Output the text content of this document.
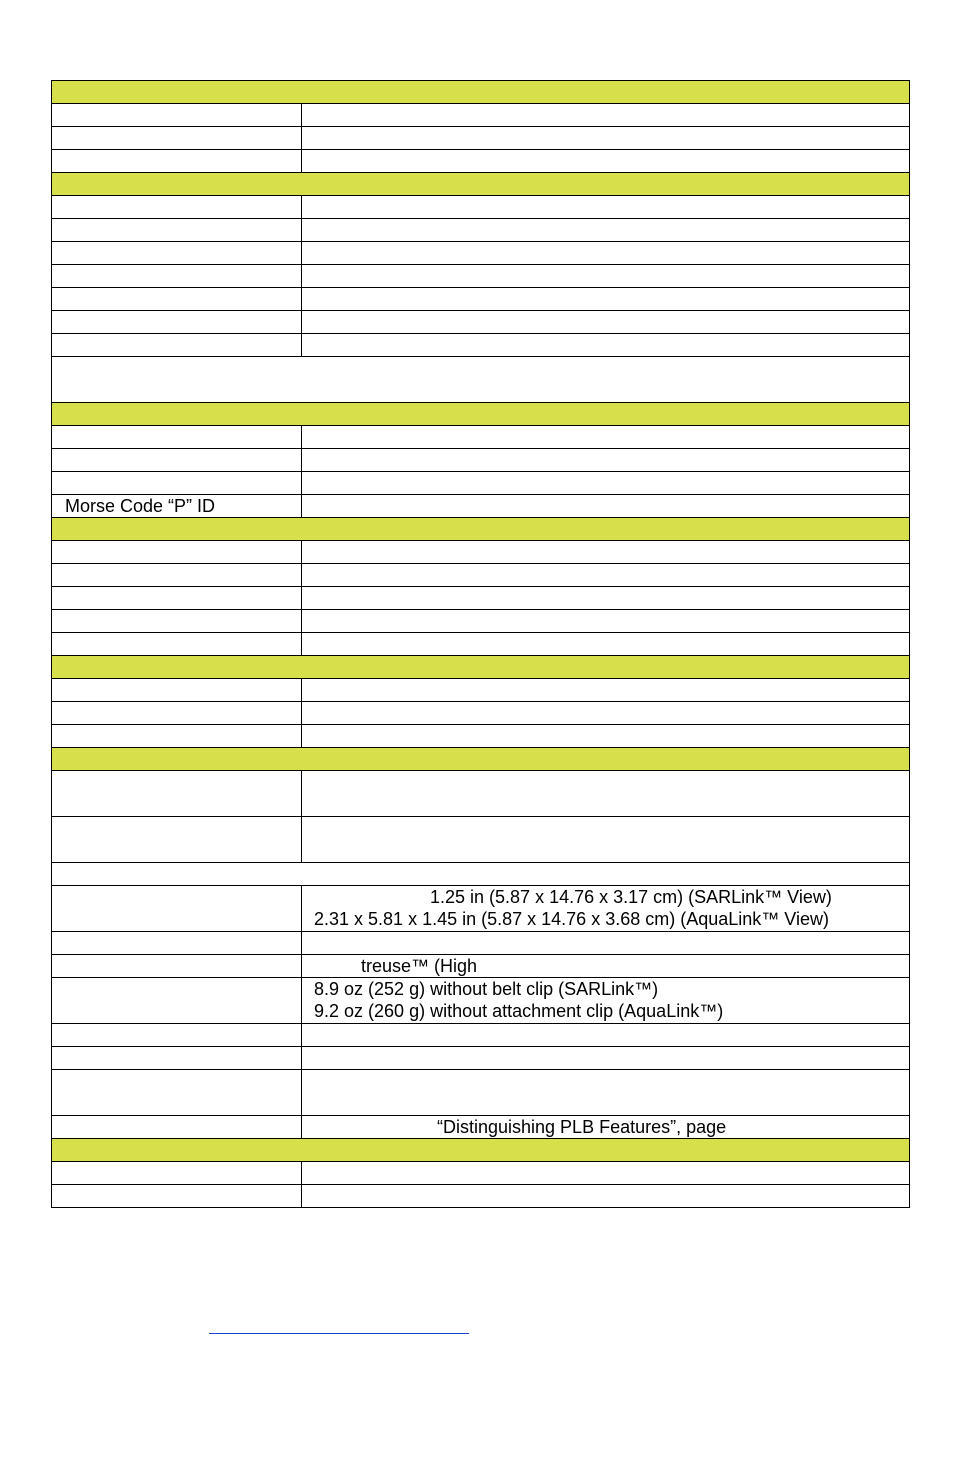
Morse Code “P” ID	

	1.25 in (5.87 x 14.76 x 3.17 cm) (SARLink™ View)
2.31 x 5.81 x 1.45 in (5.87 x 14.76 x 3.68 cm) (AquaLink™ View)

	treuse™ (High

	8.9 oz (252 g) without belt clip (SARLink™)
9.2 oz (260 g) without attachment clip (AquaLink™)

	“Distinguishing PLB Features”, page
